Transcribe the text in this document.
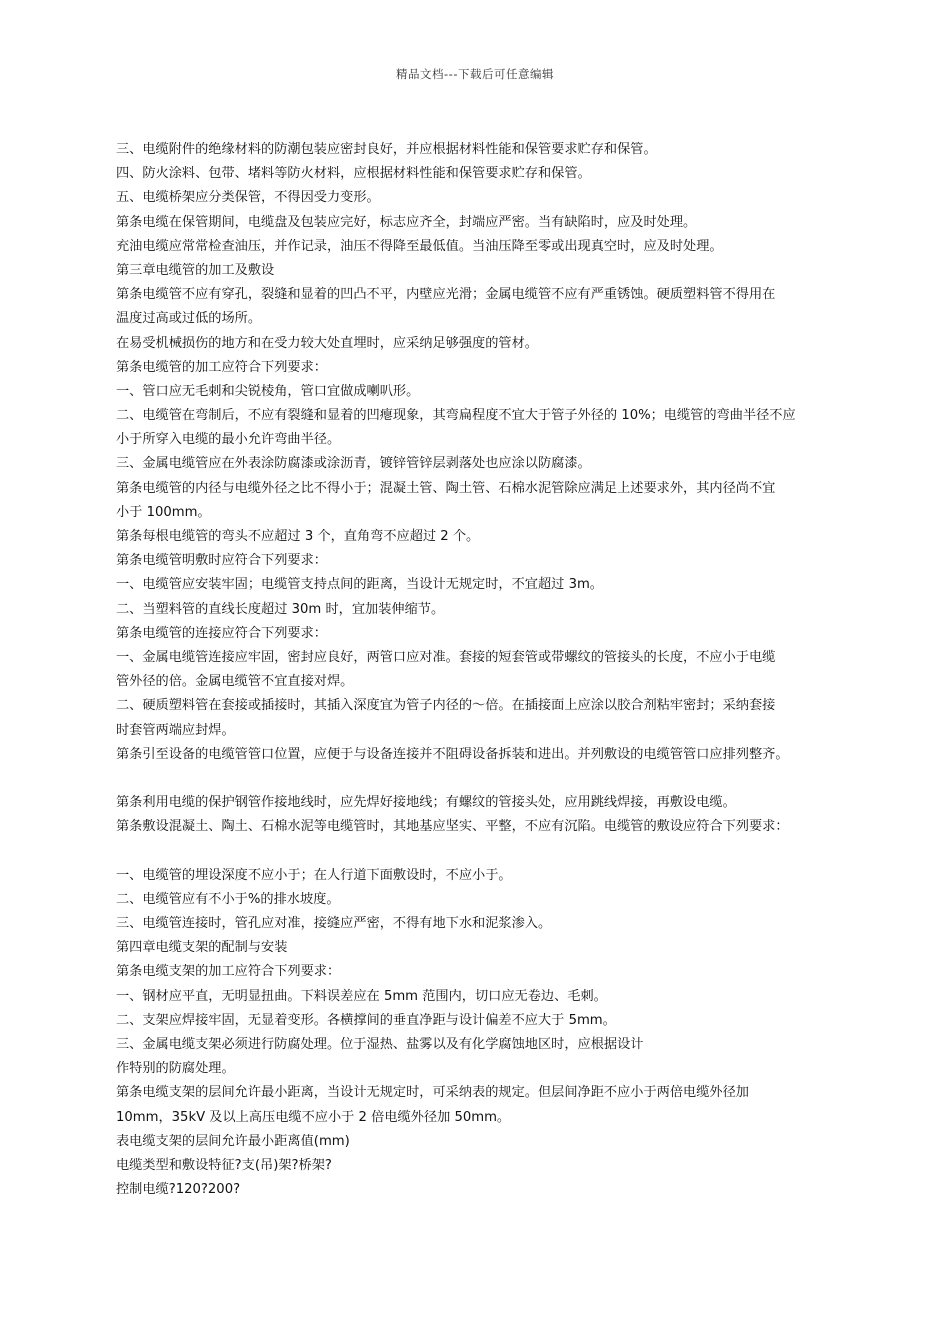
精品文档---下载后可任意编辑
三、电缆附件的绝缘材料的防潮包装应密封良好，并应根据材料性能和保管要求贮存和保管。
四、防火涂料、包带、堵料等防火材料，应根据材料性能和保管要求贮存和保管。
五、电缆桥架应分类保管，不得因受力变形。
第条电缆在保管期间，电缆盘及包装应完好，标志应齐全，封端应严密。当有缺陷时，应及时处理。
充油电缆应常常检查油压，并作记录，油压不得降至最低值。当油压降至零或出现真空时，应及时处理。
第三章电缆管的加工及敷设
第条电缆管不应有穿孔，裂缝和显着的凹凸不平，内壁应光滑；金属电缆管不应有严重锈蚀。硬质塑料管不得用在
温度过高或过低的场所。
在易受机械损伤的地方和在受力较大处直埋时，应采纳足够强度的管材。
第条电缆管的加工应符合下列要求：
一、管口应无毛刺和尖锐棱角，管口宜做成喇叭形。
二、电缆管在弯制后，不应有裂缝和显着的凹瘪现象，其弯扁程度不宜大于管子外径的 10%；电缆管的弯曲半径不应
小于所穿入电缆的最小允许弯曲半径。
三、金属电缆管应在外表涂防腐漆或涂沥青，镀锌管锌层剥落处也应涂以防腐漆。
第条电缆管的内径与电缆外径之比不得小于；混凝土管、陶土管、石棉水泥管除应满足上述要求外，其内径尚不宜
小于 100mm。
第条每根电缆管的弯头不应超过 3 个，直角弯不应超过 2 个。
第条电缆管明敷时应符合下列要求：
一、电缆管应安装牢固；电缆管支持点间的距离，当设计无规定时，不宜超过 3m。
二、当塑料管的直线长度超过 30m 时，宜加装伸缩节。
第条电缆管的连接应符合下列要求：
一、金属电缆管连接应牢固，密封应良好，两管口应对准。套接的短套管或带螺纹的管接头的长度，不应小于电缆
管外径的倍。金属电缆管不宜直接对焊。
二、硬质塑料管在套接或插接时，其插入深度宜为管子内径的～倍。在插接面上应涂以胶合剂粘牢密封；采纳套接
时套管两端应封焊。
第条引至设备的电缆管管口位置，应便于与设备连接并不阻碍设备拆装和进出。并列敷设的电缆管管口应排列整齐。
第条利用电缆的保护钢管作接地线时，应先焊好接地线；有螺纹的管接头处，应用跳线焊接，再敷设电缆。
第条敷设混凝土、陶土、石棉水泥等电缆管时，其地基应坚实、平整，不应有沉陷。电缆管的敷设应符合下列要求：
一、电缆管的埋设深度不应小于；在人行道下面敷设时，不应小于。
二、电缆管应有不小于%的排水坡度。
三、电缆管连接时，管孔应对准，接缝应严密，不得有地下水和泥浆渗入。
第四章电缆支架的配制与安装
第条电缆支架的加工应符合下列要求：
一、钢材应平直，无明显扭曲。下料误差应在 5mm 范围内，切口应无卷边、毛刺。
二、支架应焊接牢固，无显着变形。各横撑间的垂直净距与设计偏差不应大于 5mm。
三、金属电缆支架必须进行防腐处理。位于湿热、盐雾以及有化学腐蚀地区时，应根据设计
作特别的防腐处理。
第条电缆支架的层间允许最小距离，当设计无规定时，可采纳表的规定。但层间净距不应小于两倍电缆外径加
10mm，35kV 及以上高压电缆不应小于 2 倍电缆外径加 50mm。
表电缆支架的层间允许最小距离值(mm)
电缆类型和敷设特征?支(吊)架?桥架?
控制电缆?120?200?
